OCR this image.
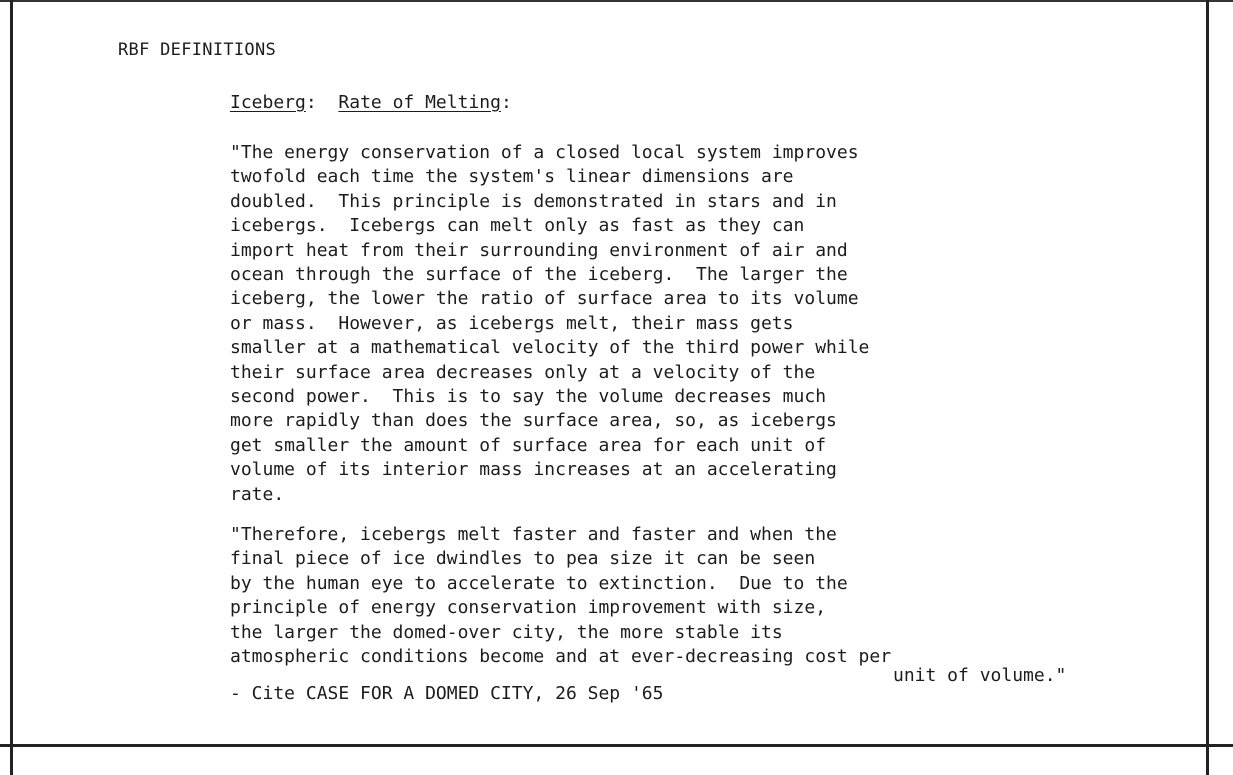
RBF DEFINITIONS
Iceberg: Rate of Melting:
"The energy conservation of a closed local system improves
twofold each time the system's linear dimensions are
doubled.  This principle is demonstrated in stars and in
icebergs.  Icebergs can melt only as fast as they can
import heat from their surrounding environment of air and
ocean through the surface of the iceberg.  The larger the
iceberg, the lower the ratio of surface area to its volume
or mass.  However, as icebergs melt, their mass gets
smaller at a mathematical velocity of the third power while
their surface area decreases only at a velocity of the
second power.  This is to say the volume decreases much
more rapidly than does the surface area, so, as icebergs
get smaller the amount of surface area for each unit of
volume of its interior mass increases at an accelerating
rate.
"Therefore, icebergs melt faster and faster and when the
final piece of ice dwindles to pea size it can be seen
by the human eye to accelerate to extinction.  Due to the
principle of energy conservation improvement with size,
the larger the domed-over city, the more stable its
atmospheric conditions become and at ever-decreasing cost per
unit of volume."
- Cite CASE FOR A DOMED CITY, 26 Sep '65
